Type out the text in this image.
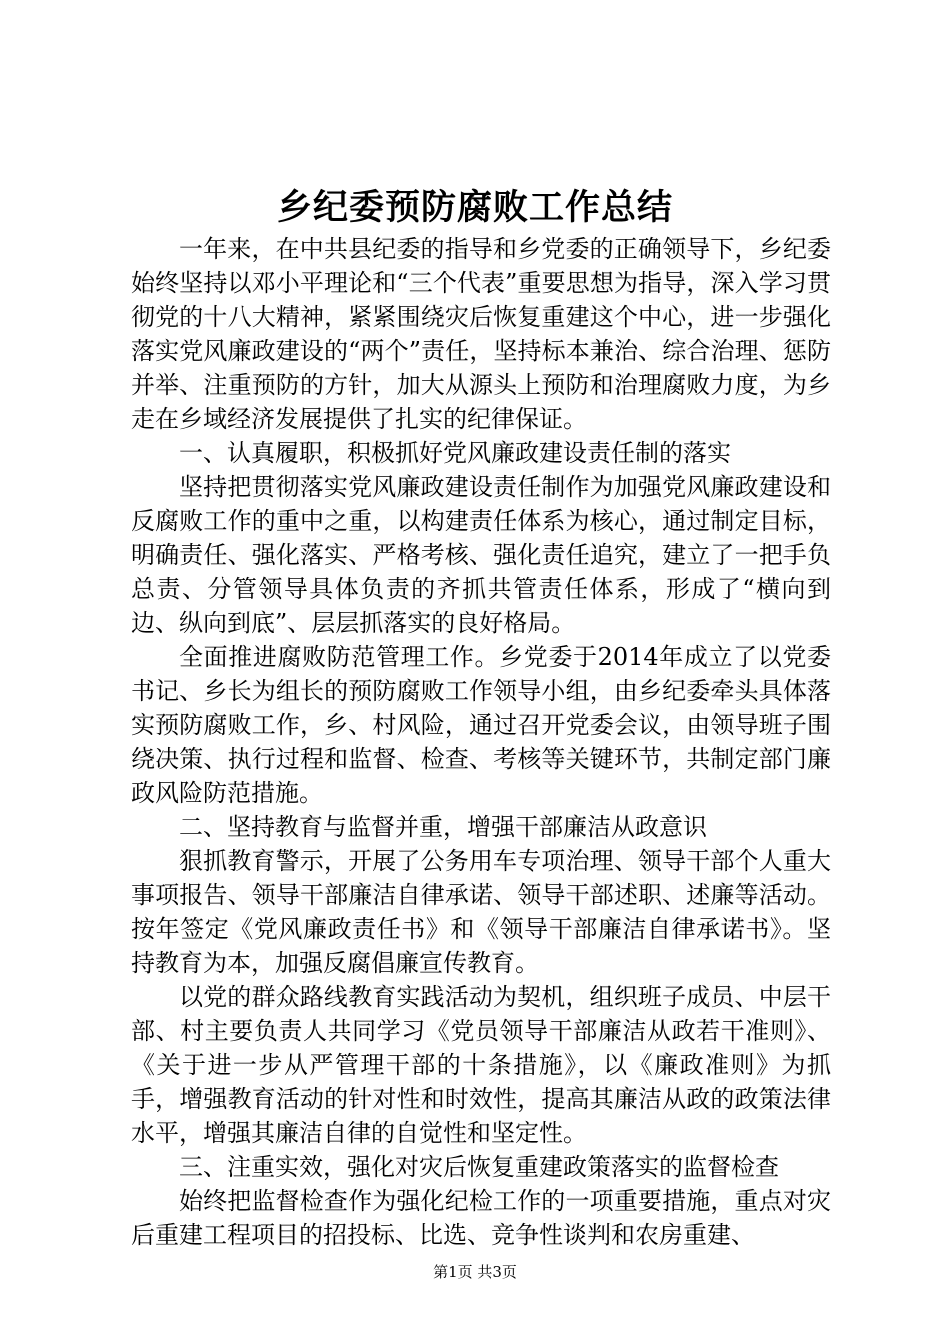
乡纪委预防腐败工作总结

一年来，在中共县纪委的指导和乡党委的正确领导下，乡纪委始终坚持以邓小平理论和“三个代表”重要思想为指导，深入学习贯彻党的十八大精神，紧紧围绕灾后恢复重建这个中心，进一步强化落实党风廉政建设的“两个”责任，坚持标本兼治、综合治理、惩防并举、注重预防的方针，加大从源头上预防和治理腐败力度，为乡走在乡域经济发展提供了扎实的纪律保证。

一、认真履职，积极抓好党风廉政建设责任制的落实

坚持把贯彻落实党风廉政建设责任制作为加强党风廉政建设和反腐败工作的重中之重，以构建责任体系为核心，通过制定目标，明确责任、强化落实、严格考核、强化责任追究，建立了一把手负总责、分管领导具体负责的齐抓共管责任体系，形成了“横向到边、纵向到底”、层层抓落实的良好格局。

全面推进腐败防范管理工作。乡党委于2014年成立了以党委书记、乡长为组长的预防腐败工作领导小组，由乡纪委牵头具体落实预防腐败工作，乡、村风险，通过召开党委会议，由领导班子围绕决策、执行过程和监督、检查、考核等关键环节，共制定部门廉政风险防范措施。

二、坚持教育与监督并重，增强干部廉洁从政意识

狠抓教育警示，开展了公务用车专项治理、领导干部个人重大事项报告、领导干部廉洁自律承诺、领导干部述职、述廉等活动。按年签定《党风廉政责任书》和《领导干部廉洁自律承诺书》。坚持教育为本，加强反腐倡廉宣传教育。

以党的群众路线教育实践活动为契机，组织班子成员、中层干部、村主要负责人共同学习《党员领导干部廉洁从政若干准则》、《关于进一步从严管理干部的十条措施》，以《廉政准则》为抓手，增强教育活动的针对性和时效性，提高其廉洁从政的政策法律水平，增强其廉洁自律的自觉性和坚定性。

三、注重实效，强化对灾后恢复重建政策落实的监督检查

始终把监督检查作为强化纪检工作的一项重要措施，重点对灾后重建工程项目的招投标、比选、竞争性谈判和农房重建、

第1页 共3页
